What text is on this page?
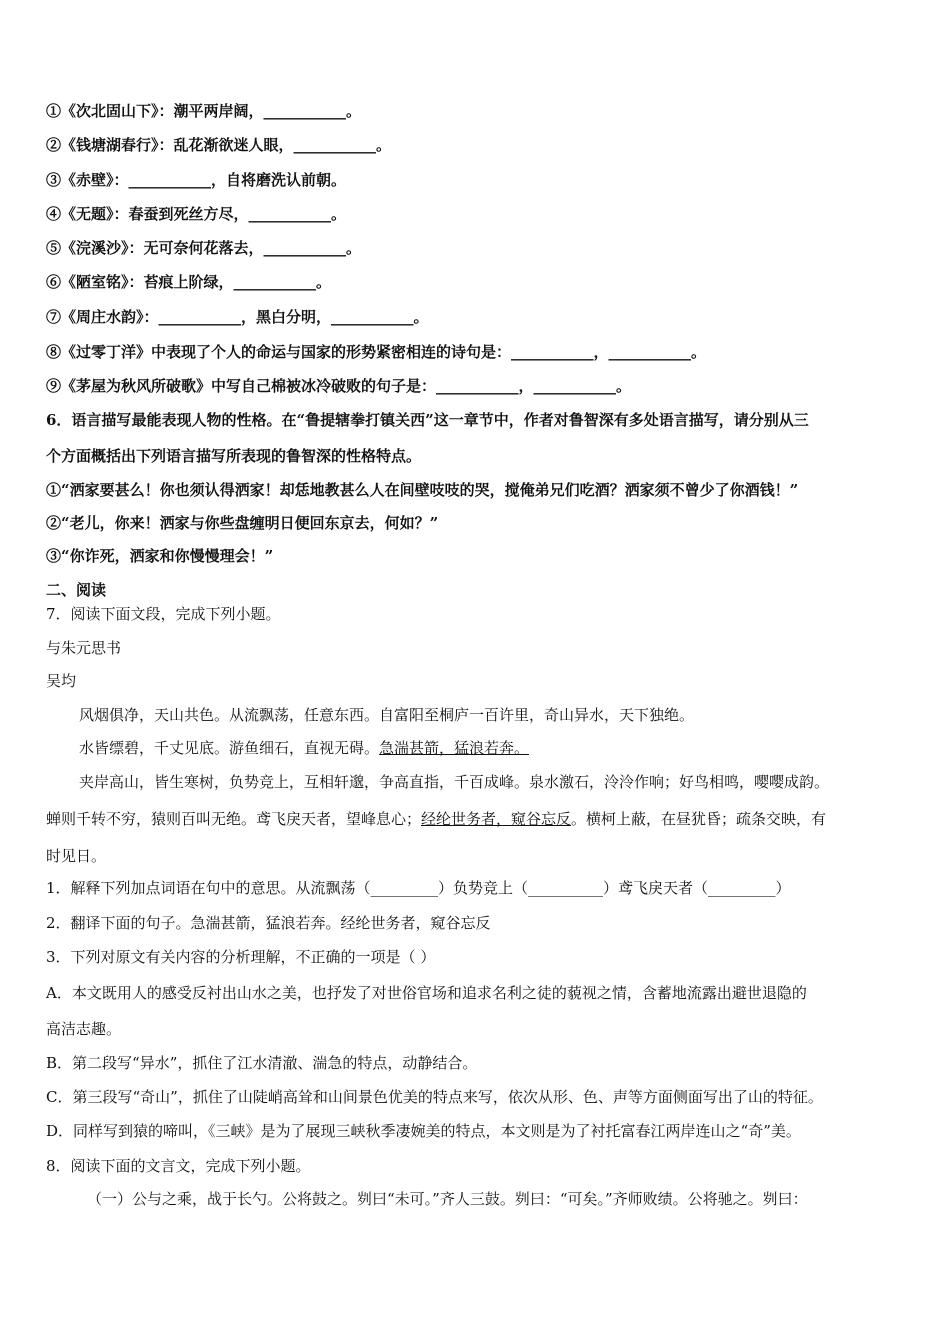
①《次北固山下》：潮平两岸阔，___________。
②《钱塘湖春行》：乱花渐欲迷人眼，___________。
③《赤壁》：___________，自将磨洗认前朝。
④《无题》：春蚕到死丝方尽，___________。
⑤《浣溪沙》：无可奈何花落去，___________。
⑥《陋室铭》：苔痕上阶绿，___________。
⑦《周庄水韵》：___________，黑白分明，___________。
⑧《过零丁洋》中表现了个人的命运与国家的形势紧密相连的诗句是：___________，___________。
⑨《茅屋为秋风所破歌》中写自己棉被冰冷破败的句子是：___________，___________。
6．语言描写最能表现人物的性格。在“鲁提辖拳打镇关西”这一章节中，作者对鲁智深有多处语言描写，请分别从三
个方面概括出下列语言描写所表现的鲁智深的性格特点。
①“洒家要甚么！你也须认得洒家！却恁地教甚么人在间壁吱吱的哭，搅俺弟兄们吃酒？洒家须不曾少了你酒钱！”
②“老儿，你来！洒家与你些盘缠明日便回东京去，何如？”
③“你诈死，洒家和你慢慢理会！”
二、阅读
7．阅读下面文段，完成下列小题。
与朱元思书
吴均
风烟俱净，天山共色。从流飘荡，任意东西。自富阳至桐庐一百许里，奇山异水，天下独绝。
水皆缥碧，千丈见底。游鱼细石，直视无碍。急湍甚箭，猛浪若奔。
夹岸高山，皆生寒树，负势竞上，互相轩邈，争高直指，千百成峰。泉水激石，泠泠作响；好鸟相鸣，嘤嘤成韵。
蝉则千转不穷，猿则百叫无绝。鸢飞戾天者，望峰息心；经纶世务者，窥谷忘反。横柯上蔽，在昼犹昏；疏条交映，有
时见日。
1．解释下列加点词语在句中的意思。从流飘荡（_________）负势竞上（__________）鸢飞戾天者（_________）
2．翻译下面的句子。急湍甚箭，猛浪若奔。经纶世务者，窥谷忘反
3．下列对原文有关内容的分析理解，不正确的一项是（ ）
A．本文既用人的感受反衬出山水之美，也抒发了对世俗官场和追求名利之徒的藐视之情，含蓄地流露出避世退隐的
高洁志趣。
B．第二段写“异水”，抓住了江水清澈、湍急的特点，动静结合。
C．第三段写“奇山”，抓住了山陡峭高耸和山间景色优美的特点来写，依次从形、色、声等方面侧面写出了山的特征。
D．同样写到猿的啼叫，《三峡》是为了展现三峡秋季凄婉美的特点，本文则是为了衬托富春江两岸连山之“奇”美。
8．阅读下面的文言文，完成下列小题。
（一）公与之乘，战于长勺。公将鼓之。刿曰“未可。”齐人三鼓。刿曰：“可矣。”齐师败绩。公将驰之。刿曰：
